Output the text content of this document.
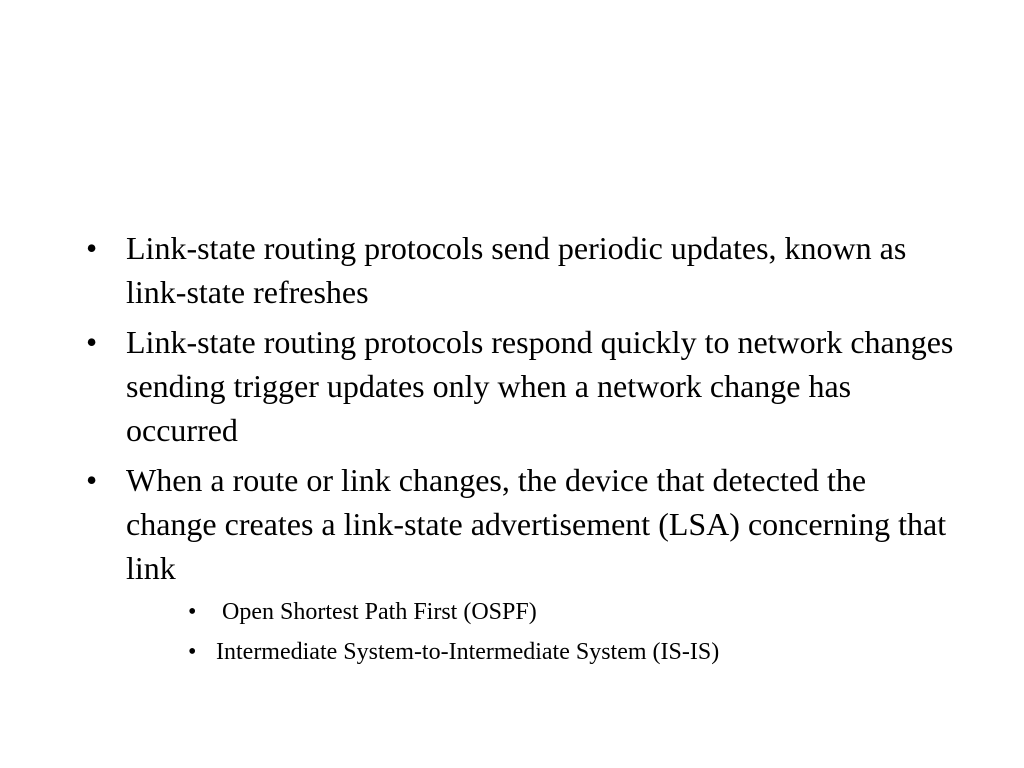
• Link-state routing protocols send periodic updates, known as link-state refreshes
• Link-state routing protocols respond quickly to network changes sending trigger updates only when a network change has occurred
• When a route or link changes, the device that detected the change creates a link-state advertisement (LSA) concerning that link
• Open Shortest Path First (OSPF)
• Intermediate System-to-Intermediate System (IS-IS)
